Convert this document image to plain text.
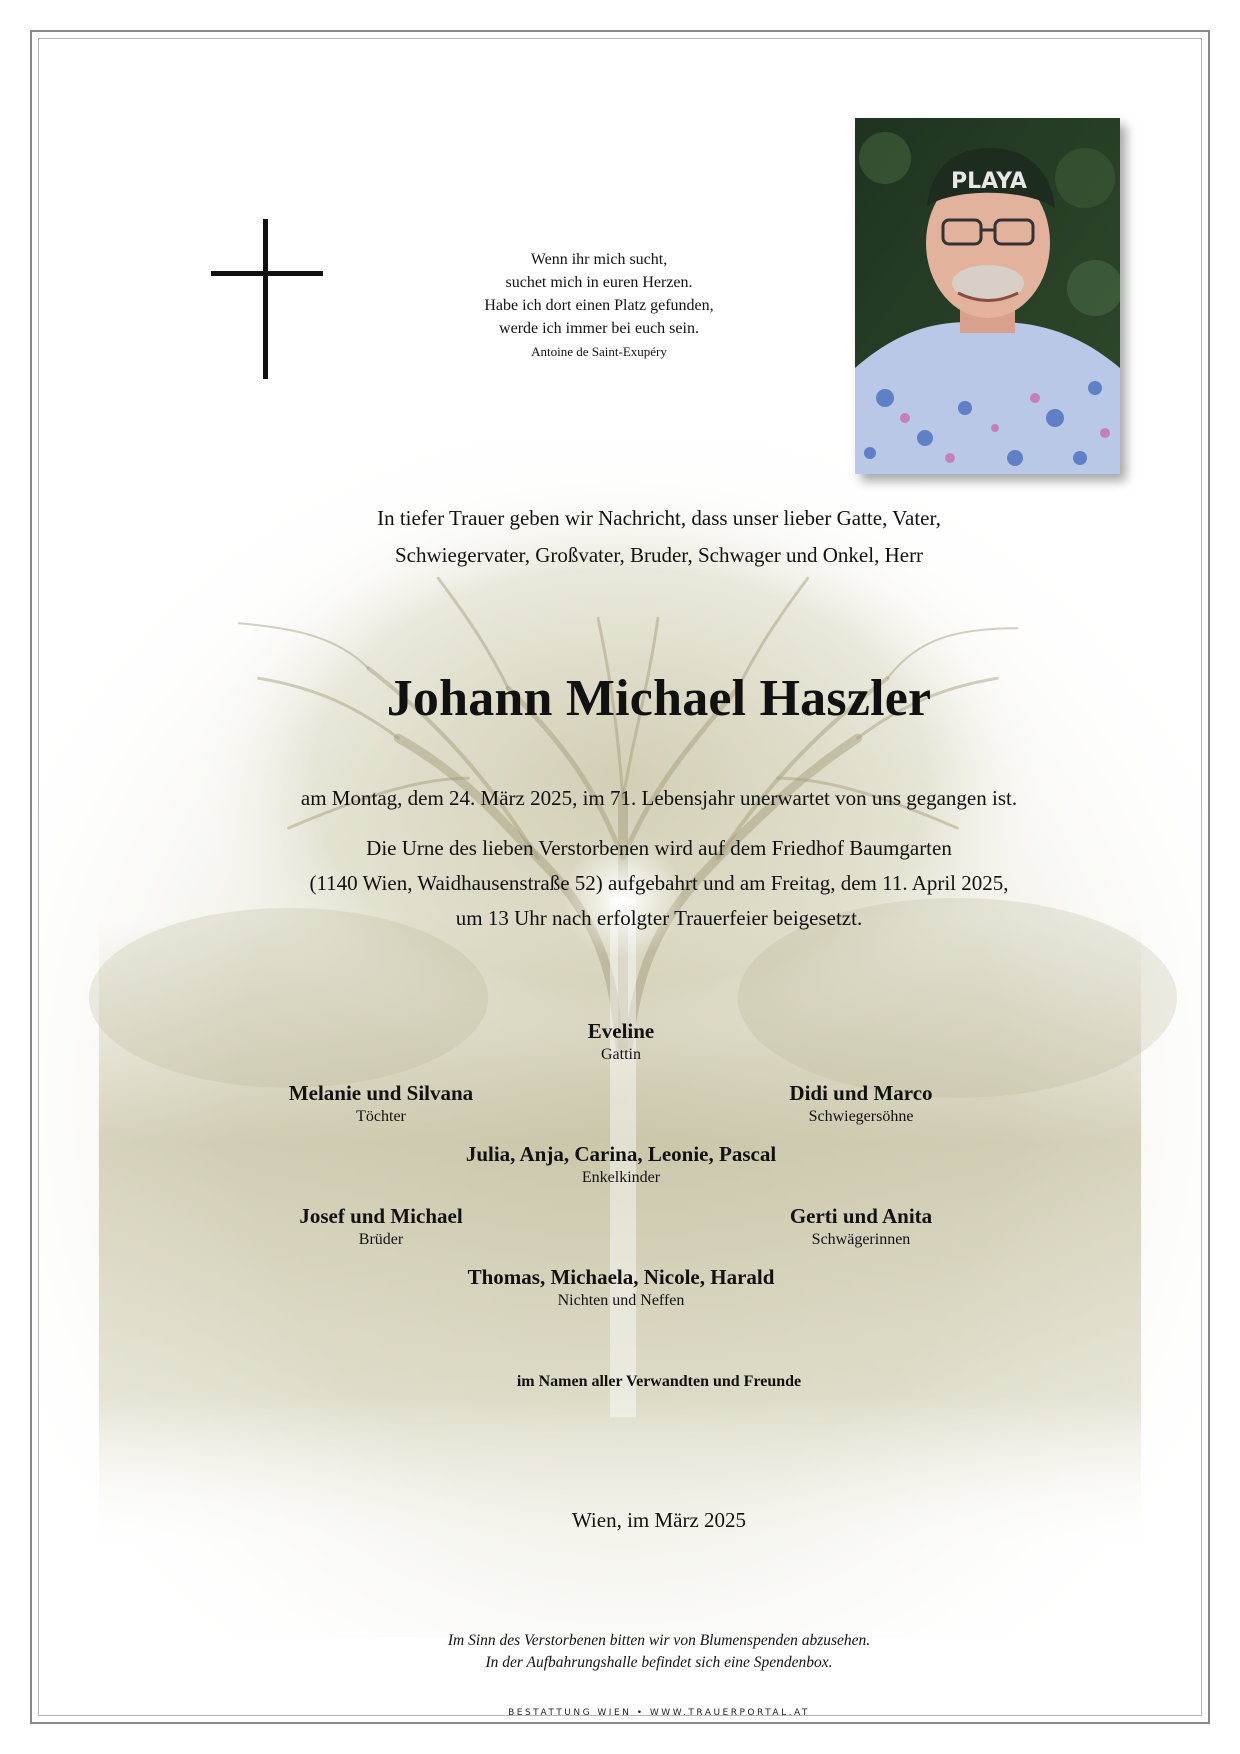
Wenn ihr mich sucht,
suchet mich in euren Herzen.
Habe ich dort einen Platz gefunden,
werde ich immer bei euch sein.
Antoine de Saint-Exupéry
PLAYA
In tiefer Trauer geben wir Nachricht, dass unser lieber Gatte, Vater,
Schwiegervater, Großvater, Bruder, Schwager und Onkel, Herr
Johann Michael Haszler
am Montag, dem 24. März 2025, im 71. Lebensjahr unerwartet von uns gegangen ist.
Die Urne des lieben Verstorbenen wird auf dem Friedhof Baumgarten
(1140 Wien, Waidhausenstraße 52) aufgebahrt und am Freitag, dem 11. April 2025,
um 13 Uhr nach erfolgter Trauerfeier beigesetzt.
Eveline
Gattin
Melanie und Silvana
Töchter
Didi und Marco
Schwiegersöhne
Julia, Anja, Carina, Leonie, Pascal
Enkelkinder
Josef und Michael
Brüder
Gerti und Anita
Schwägerinnen
Thomas, Michaela, Nicole, Harald
Nichten und Neffen
im Namen aller Verwandten und Freunde
Wien, im März 2025
Im Sinn des Verstorbenen bitten wir von Blumenspenden abzusehen.
In der Aufbahrungshalle befindet sich eine Spendenbox.
BESTATTUNG WIEN • WWW.TRAUERPORTAL.AT
